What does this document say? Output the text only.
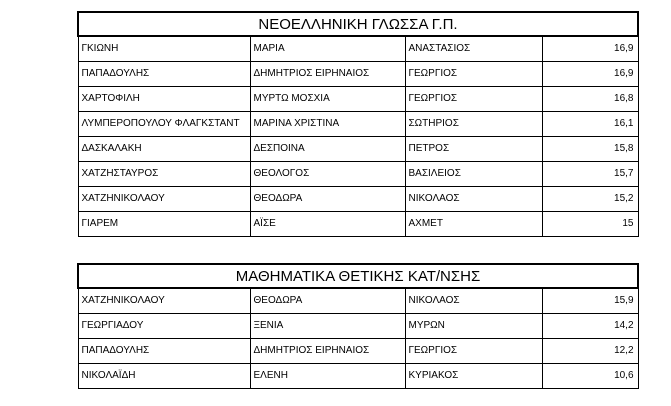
ΝΕΟΕΛΛΗΝΙΚΗ ΓΛΩΣΣΑ Γ.Π.			
ΓΚΙΩΝΗ	ΜΑΡΙΑ	ΑΝΑΣΤΑΣΙΟΣ	16,9
ΠΑΠΑΔΟΥΛΗΣ	ΔΗΜΗΤΡΙΟΣ ΕΙΡΗΝΑΙΟΣ	ΓΕΩΡΓΙΟΣ	16,9
ΧΑΡΤΟΦΙΛΗ	ΜΥΡΤΩ ΜΟΣΧΙΑ	ΓΕΩΡΓΙΟΣ	16,8
ΛΥΜΠΕΡΟΠΟΥΛΟΥ ΦΛΑΓΚΣΤΑΝΤ	ΜΑΡΙΝΑ ΧΡΙΣΤΙΝΑ	ΣΩΤΗΡΙΟΣ	16,1
ΔΑΣΚΑΛΑΚΗ	ΔΕΣΠΟΙΝΑ	ΠΕΤΡΟΣ	15,8
ΧΑΤΖΗΣΤΑΥΡΟΣ	ΘΕΟΛΟΓΟΣ	ΒΑΣΙΛΕΙΟΣ	15,7
ΧΑΤΖΗΝΙΚΟΛΑΟΥ	ΘΕΟΔΩΡΑ	ΝΙΚΟΛΑΟΣ	15,2
ΓΙΑΡΕΜ	ΑΪΣΕ	ΑΧΜΕΤ	15
ΜΑΘΗΜΑΤΙΚΑ ΘΕΤΙΚΗΣ ΚΑΤ/ΝΣΗΣ			
ΧΑΤΖΗΝΙΚΟΛΑΟΥ	ΘΕΟΔΩΡΑ	ΝΙΚΟΛΑΟΣ	15,9
ΓΕΩΡΓΙΑΔΟΥ	ΞΕΝΙΑ	ΜΥΡΩΝ	14,2
ΠΑΠΑΔΟΥΛΗΣ	ΔΗΜΗΤΡΙΟΣ ΕΙΡΗΝΑΙΟΣ	ΓΕΩΡΓΙΟΣ	12,2
ΝΙΚΟΛΑΪΔΗ	ΕΛΕΝΗ	ΚΥΡΙΑΚΟΣ	10,6
